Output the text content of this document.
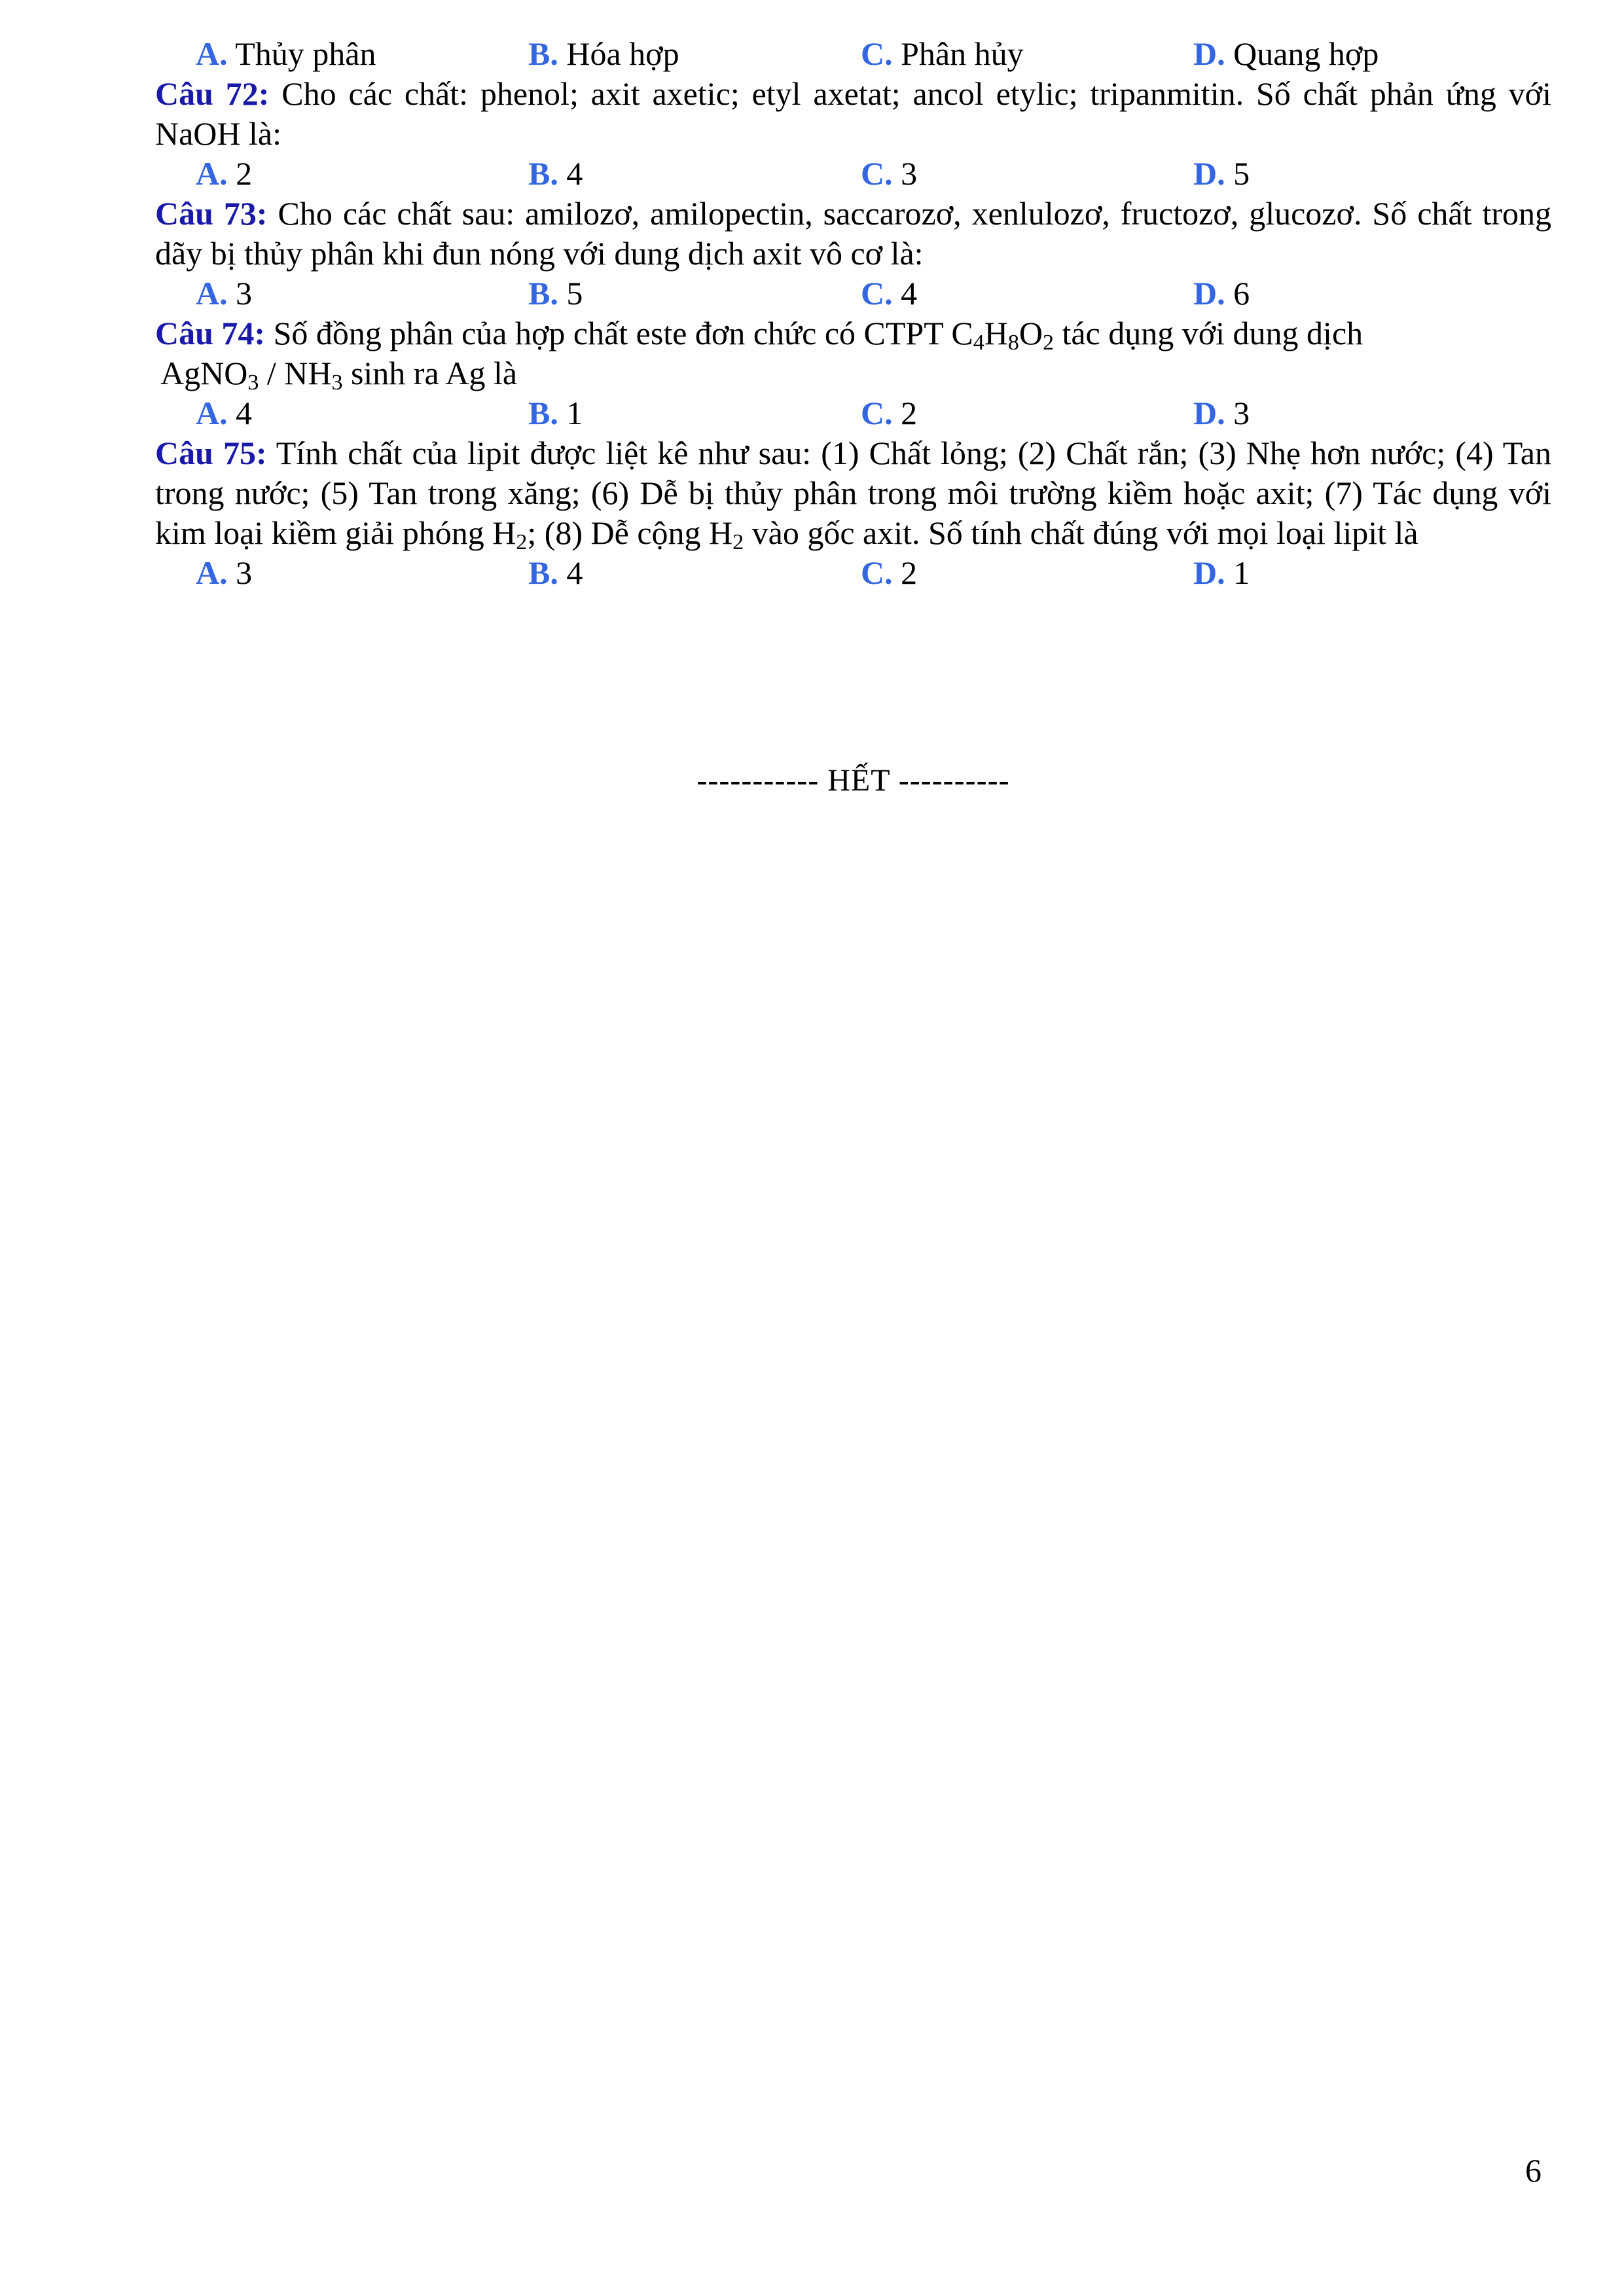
A. Thủy phân	B. Hóa hợp	C. Phân hủy	D. Quang hợp
Câu 72: Cho các chất: phenol; axit axetic; etyl axetat; ancol etylic; tripanmitin. Số chất phản ứng với NaOH là:
A. 2	B. 4	C. 3	D. 5
Câu 73: Cho các chất sau: amilozơ, amilopectin, saccarozơ, xenlulozơ, fructozơ, glucozơ. Số chất trong dãy bị thủy phân khi đun nóng với dung dịch axit vô cơ là:
A. 3	B. 5	C. 4	D. 6
Câu 74: Số đồng phân của hợp chất este đơn chức có CTPT $C_4H_8O_2$ tác dụng với dung dịch
AgNO$_3$ / $NH_3$ sinh ra Ag là
A. 4	B. 1	C. 2	D. 3
Câu 75: Tính chất của lipit được liệt kê như sau: (1) Chất lỏng; (2) Chất rắn; (3) Nhẹ hơn nước; (4) Tan trong nước; (5) Tan trong xăng; (6) Dễ bị thủy phân trong môi trường kiềm hoặc axit; (7) Tác dụng với kim loại kiềm giải phóng $H_2$; (8) Dễ cộng $H_2$ vào gốc axit. Số tính chất đúng với mọi loại lipit là
A. 3	B. 4	C. 2	D. 1
----------- HẾT ----------
6
